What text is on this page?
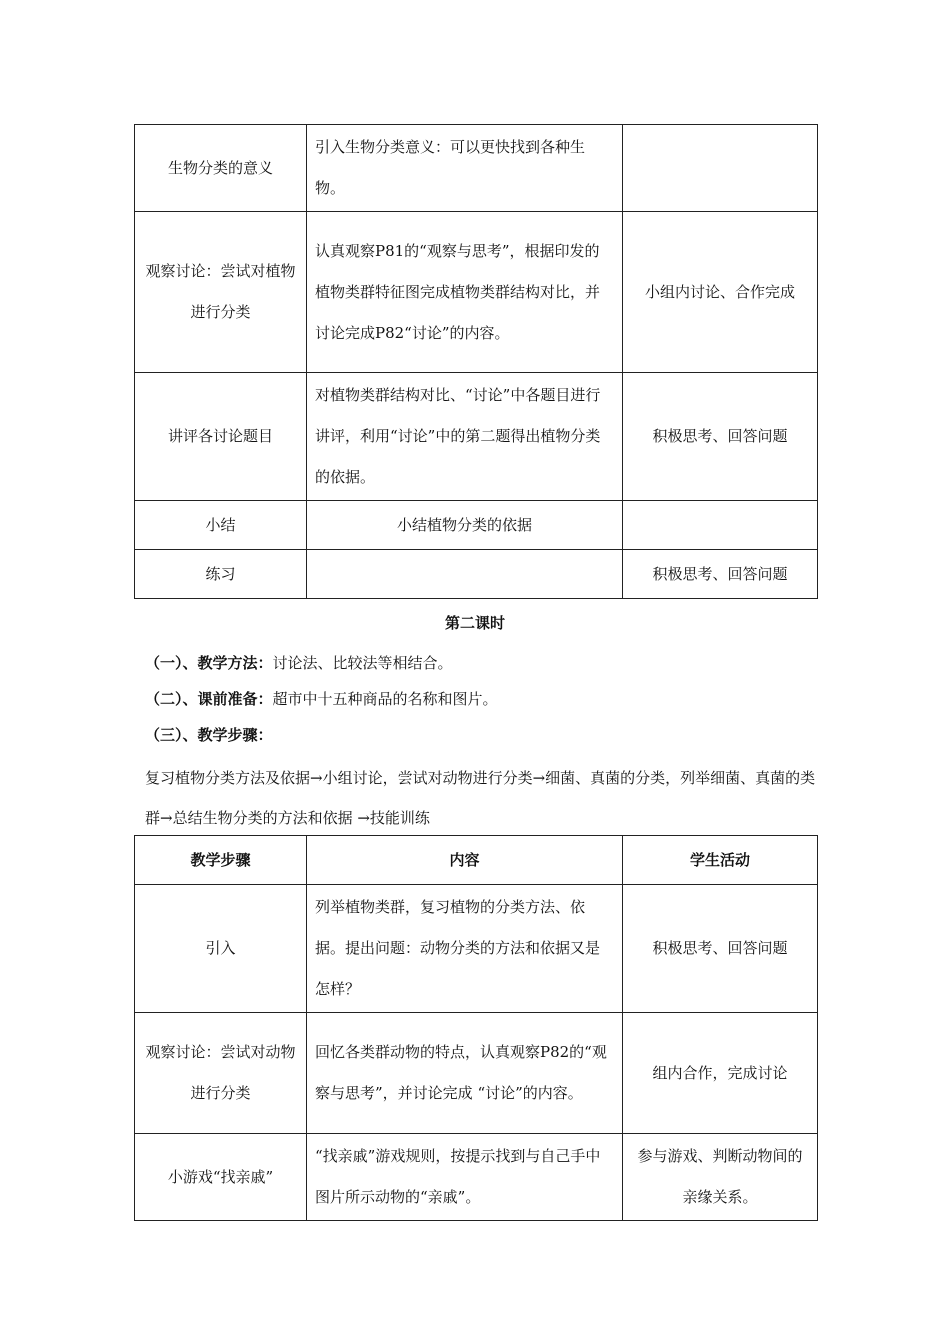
生物分类的意义	引入生物分类意义：可以更快找到各种生物。	
观察讨论：尝试对植物进行分类	认真观察P81的“观察与思考”，根据印发的植物类群特征图完成植物类群结构对比，并讨论完成P82“讨论”的内容。	小组内讨论、合作完成
讲评各讨论题目	对植物类群结构对比、“讨论”中各题目进行讲评，利用“讨论”中的第二题得出植物分类的依据。	积极思考、回答问题
小结	小结植物分类的依据	
练习		积极思考、回答问题
第二课时
（一）、教学方法：讨论法、比较法等相结合。
（二）、课前准备：超市中十五种商品的名称和图片。
（三）、教学步骤：
复习植物分类方法及依据→小组讨论，尝试对动物进行分类→细菌、真菌的分类，列举细菌、真菌的类群→总结生物分类的方法和依据 →技能训练
教学步骤	内容	学生活动
引入	列举植物类群，复习植物的分类方法、依据。提出问题：动物分类的方法和依据又是怎样？	积极思考、回答问题
观察讨论：尝试对动物进行分类	回忆各类群动物的特点，认真观察P82的“观察与思考”，并讨论完成 “讨论”的内容。	组内合作，完成讨论
小游戏“找亲戚”	“找亲戚”游戏规则，按提示找到与自己手中图片所示动物的“亲戚”。	参与游戏、判断动物间的亲缘关系。
